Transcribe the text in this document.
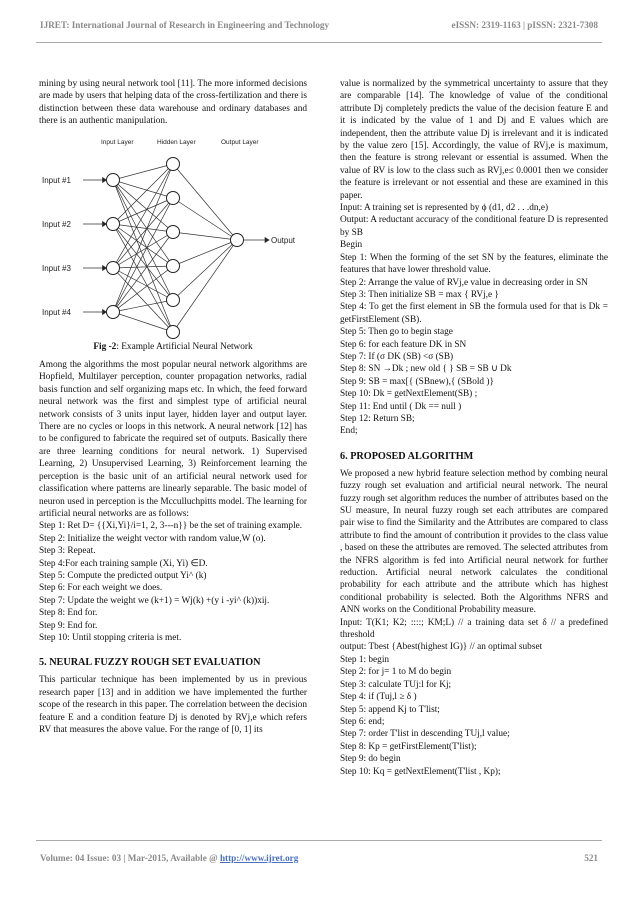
IJRET: International Journal of Research in Engineering and Technology	eISSN: 2319-1163 | pISSN: 2321-7308

mining by using neural network tool [11]. The more informed decisions are made by users that helping data of the cross-fertilization and there is distinction between these data warehouse and ordinary databases and there is an authentic manipulation.

Input Layer	Hidden Layer	Output Layer
Input #1
Input #2
Input #3
Input #4
Output

Fig -2: Example Artificial Neural Network

Among the algorithms the most popular neural network algorithms are Hopfield, Multilayer perception, counter propagation networks, radial basis function and self organizing maps etc. In which, the feed forward neural network was the first and simplest type of artificial neural network consists of 3 units input layer, hidden layer and output layer. There are no cycles or loops in this network. A neural network [12] has to be configured to fabricate the required set of outputs. Basically there are three learning conditions for neural network. 1) Supervised Learning, 2) Unsupervised Learning, 3) Reinforcement learning the perception is the basic unit of an artificial neural network used for classification where patterns are linearly separable. The basic model of neuron used in perception is the Mcculluchpitts model. The learning for artificial neural networks are as follows:

Step 1: Ret D= {{Xi,Yi}/i=1, 2, 3---n}} be the set of training example.

Step 2: Initialize the weight vector with random value,W (o).

Step 3: Repeat.

Step 4:For each training sample (Xi, Yi) ∈D.

Step 5: Compute the predicted output Yi^ (k)

Step 6: For each weight we does.

Step 7: Update the weight we (k+1) = Wj(k) +(y i -yi^ (k))xij.

Step 8: End for.

Step 9: End for.

Step 10: Until stopping criteria is met.

5. NEURAL FUZZY ROUGH SET EVALUATION

This particular technique has been implemented by us in previous research paper [13] and in addition we have implemented the further scope of the research in this paper. The correlation between the decision feature E and a condition feature Dj is denoted by RVj,e which refers RV that measures the above value. For the range of [0, 1] its

value is normalized by the symmetrical uncertainty to assure that they are comparable [14]. The knowledge of value of the conditional attribute Dj completely predicts the value of the decision feature E and it is indicated by the value of 1 and Dj and E values which are independent, then the attribute value Dj is irrelevant and it is indicated by the value zero [15]. Accordingly, the value of RVj,e is maximum, then the feature is strong relevant or essential is assumed. When the value of RV is low to the class such as RVj,e≤ 0.0001 then we consider the feature is irrelevant or not essential and these are examined in this paper.

Input: A training set is represented by ϕ (d1, d2 . . .dn,e)

Output: A reductant accuracy of the conditional feature D is represented by SB

Begin

Step 1: When the forming of the set SN by the features, eliminate the features that have lower threshold value.

Step 2: Arrange the value of RVj,e value in decreasing order in SN

Step 3: Then initialize SB = max { RVj,e }

Step 4: To get the first element in SB the formula used for that is Dk = getFirstElement (SB).

Step 5: Then go to begin stage

Step 6: for each feature DK in SN

Step 7: If (σ DK (SB) <σ (SB)

Step 8: SN →Dk ; new old { } SB = SB ∪ Dk

Step 9: SB = max[{ (SBnew),{ (SBold )}

Step 10: Dk = getNextElement(SB) ;

Step 11: End until ( Dk == null )

Step 12: Return SB;

End;

6. PROPOSED ALGORITHM

We proposed a new hybrid feature selection method by combing neural fuzzy rough set evaluation and artificial neural network. The neural fuzzy rough set algorithm reduces the number of attributes based on the SU measure, In neural fuzzy rough set each attributes are compared pair wise to find the Similarity and the Attributes are compared to class attribute to find the amount of contribution it provides to the class value , based on these the attributes are removed. The selected attributes from the NFRS algorithm is fed into Artificial neural network for further reduction. Artificial neural network calculates the conditional probability for each attribute and the attribute which has highest conditional probability is selected. Both the Algorithms NFRS and ANN works on the Conditional Probability measure.

Input: T(K1; K2; ::::; KM;L) // a training data set δ // a predefined threshold

output: Tbest {Abest(highest IG)} // an optimal subset

Step 1: begin

Step 2: for j= 1 to M do begin

Step 3: calculate TUj:l for Kj;

Step 4: if (Tuj,l ≥ δ )

Step 5: append Kj to T'list;

Step 6: end;

Step 7: order T'list in descending TUj,l value;

Step 8: Kp = getFirstElement(T'list);

Step 9: do begin

Step 10: Kq = getNextElement(T'list , Kp);

Volume: 04 Issue: 03 | Mar-2015, Available @ http://www.ijret.org	521
